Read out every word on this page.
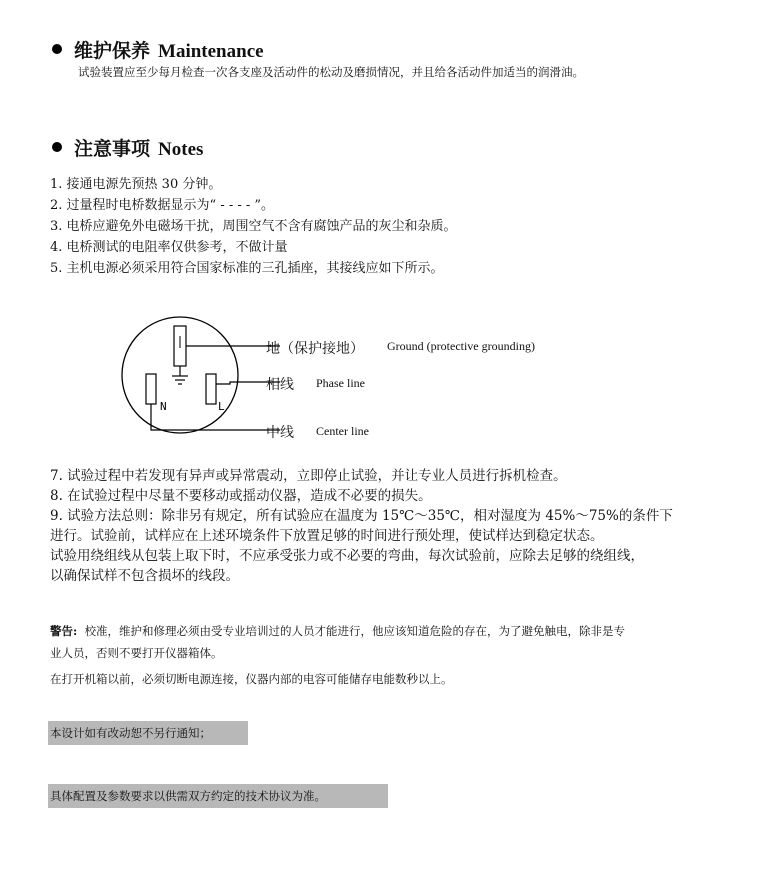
维护保养 Maintenance
试验装置应至少每月检查一次各支座及活动件的松动及磨损情况，并且给各活动件加适当的润滑油。
注意事项 Notes
1. 接通电源先预热 30 分钟。
2. 过量程时电桥数据显示为“ - - - - ”。
3. 电桥应避免外电磁场干扰，周围空气不含有腐蚀产品的灰尘和杂质。
4. 电桥测试的电阻率仅供参考，不做计量
5. 主机电源必须采用符合国家标准的三孔插座，其接线应如下所示。
N	L
地（保护接地） Ground (protective grounding)
相线 Phase line
中线 Center line
7. 试验过程中若发现有异声或异常震动，立即停止试验，并让专业人员进行拆机检查。
8. 在试验过程中尽量不要移动或摇动仪器，造成不必要的损失。
9. 试验方法总则：除非另有规定，所有试验应在温度为 15℃～35℃，相对湿度为 45%～75%的条件下
进行。试验前，试样应在上述环境条件下放置足够的时间进行预处理，使试样达到稳定状态。
试验用绕组线从包装上取下时，不应承受张力或不必要的弯曲，每次试验前，应除去足够的绕组线，
以确保试样不包含损坏的线段。
警告: 校准，维护和修理必须由受专业培训过的人员才能进行，他应该知道危险的存在，为了避免触电，除非是专
业人员，否则不要打开仪器箱体。
在打开机箱以前，必须切断电源连接，仪器内部的电容可能储存电能数秒以上。
本设计如有改动恕不另行通知；
具体配置及参数要求以供需双方约定的技术协议为准。
